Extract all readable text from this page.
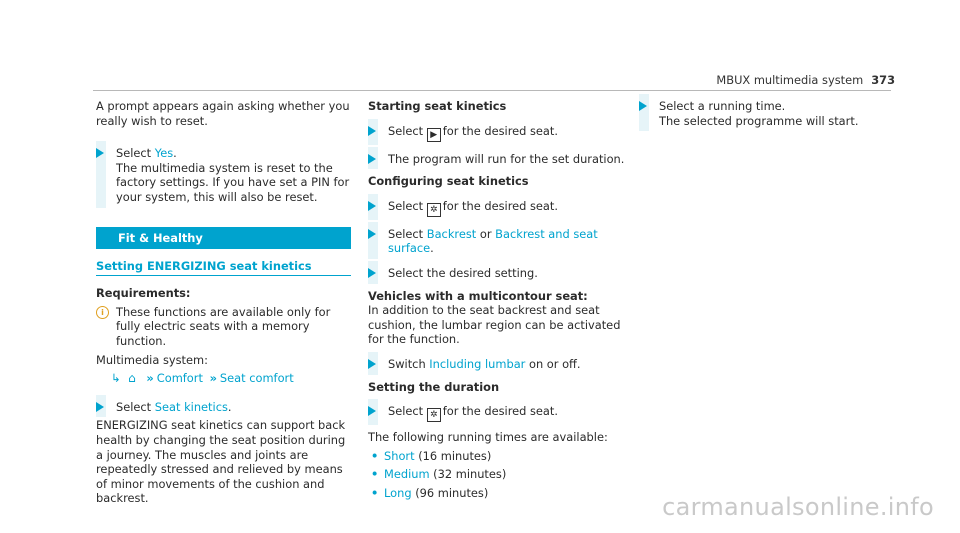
MBUX multimedia system 373

A prompt appears again asking whether you really wish to reset.

Select Yes.

The multimedia system is reset to the factory settings. If you have set a PIN for your system, this will also be reset.

Fit & Healthy
Setting ENERGIZING seat kinetics

Requirements:

i	These functions are available only for fully electric seats with a memory function.

Multimedia system:

↳ ⌂ » Comfort » Seat comfort

Select Seat kinetics.

ENERGIZING seat kinetics can support back health by changing the seat position during a journey. The muscles and joints are repeatedly stressed and relieved by means of minor movements of the cushion and backrest.

Starting seat kinetics

Select ▶ for the desired seat.

The program will run for the set duration.

Configuring seat kinetics

Select ✲ for the desired seat.

Select Backrest or Backrest and seat surface.

Select the desired setting.

Vehicles with a multicontour seat:

In addition to the seat backrest and seat cushion, the lumbar region can be activated for the function.

Switch Including lumbar on or off.

Setting the duration

Select ✲ for the desired seat.

The following running times are available:

• Short (16 minutes)
• Medium (32 minutes)
• Long (96 minutes)

Select a running time.

The selected programme will start.

carmanualsonline.info
